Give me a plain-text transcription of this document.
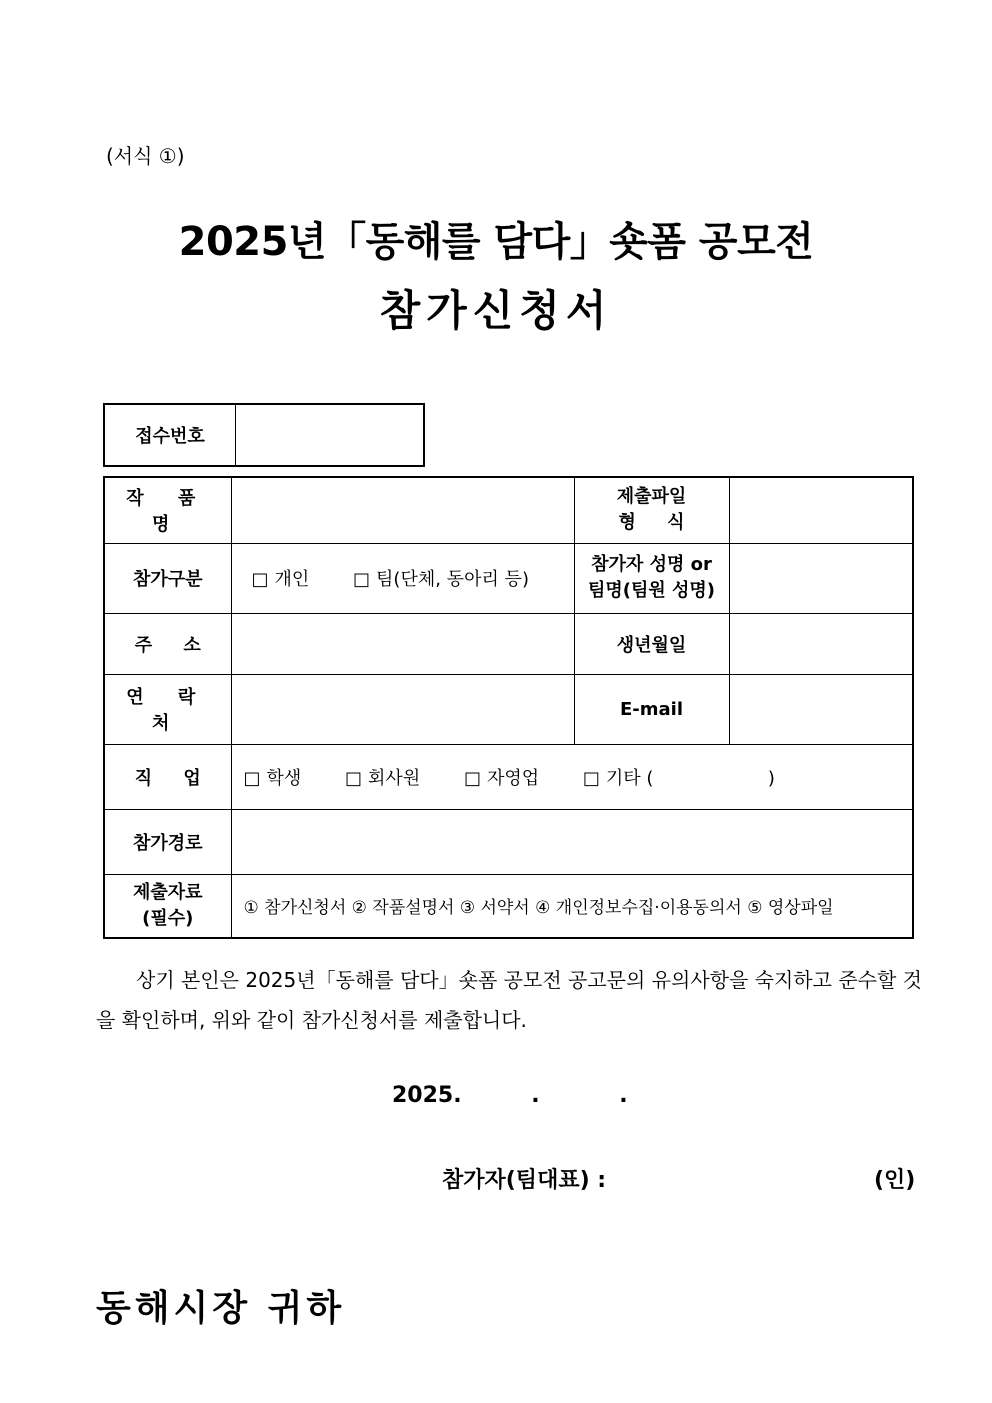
(서식 ①)
2025년「동해를 담다」숏폼 공모전
참가신청서
접수번호	
작 품 명		제출파일
형     식	

참가구분	□ 개인 □ 팀(단체, 동아리 등)	참가자 성명 or
팀명(팀원 성명)	

주     소		생년월일	
연 락 처		E-mail	
직     업	□ 학생 □ 회사원 □ 자영업 □ 기타 (                    )		
참가경로			

제출자료
(필수)	① 참가신청서 ② 작품설명서 ③ 서약서 ④ 개인정보수집·이용동의서 ⑤ 영상파일		
상기 본인은 2025년「동해를 담다」숏폼 공모전 공고문의 유의사항을 숙지하고 준수할 것을 확인하며, 위와 같이 참가신청서를 제출합니다.
2025.	.	.
참가자(팀대표) :	(인)
동해시장 귀하
